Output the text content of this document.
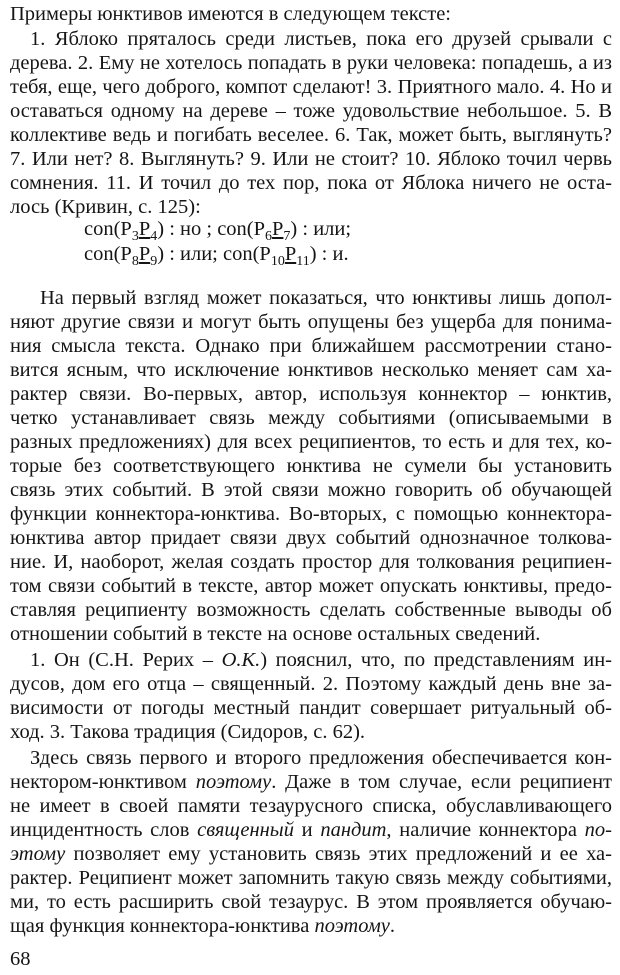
Примеры юнктивов имеются в следующем тексте:
1. Яблоко пряталось среди листьев, пока его друзей срывали с
дерева. 2. Ему не хотелось попадать в руки человека: попадешь, а из
тебя, еще, чего доброго, компот сделают! 3. Приятного мало. 4. Но и
оставаться одному на дереве – тоже удовольствие небольшое. 5. В
коллективе ведь и погибать веселее. 6. Так, может быть, выглянуть?
7. Или нет? 8. Выглянуть? 9. Или не стоит? 10. Яблоко точил червь
сомнения. 11. И точил до тех пор, пока от Яблока ничего не оста-
лось (Кривин, с. 125):
$con(P_3P_4)$ : но ; $con(P_6P_7)$ : или;
$con(P_8P_9)$ : или; $con(P_{10}P_{11})$ : и.
На первый взгляд может показаться, что юнктивы лишь допол-
няют другие связи и могут быть опущены без ущерба для понима-
ния смысла текста. Однако при ближайшем рассмотрении стано-
вится ясным, что исключение юнктивов несколько меняет сам ха-
рактер связи. Во-первых, автор, используя коннектор – юнктив,
четко устанавливает связь между событиями (описываемыми в
разных предложениях) для всех реципиентов, то есть и для тех, ко-
торые без соответствующего юнктива не сумели бы установить
связь этих событий. В этой связи можно говорить об обучающей
функции коннектора-юнктива. Во-вторых, с помощью коннектора-
юнктива автор придает связи двух событий однозначное толкова-
ние. И, наоборот, желая создать простор для толкования реципиен-
том связи событий в тексте, автор может опускать юнктивы, предо-
ставляя реципиенту возможность сделать собственные выводы об
отношении событий в тексте на основе остальных сведений.
1. Он (С.Н. Рерих – О.К.) пояснил, что, по представлениям ин-
дусов, дом его отца – священный. 2. Поэтому каждый день вне за-
висимости от погоды местный пандит совершает ритуальный об-
ход. 3. Такова традиция (Сидоров, с. 62).
Здесь связь первого и второго предложения обеспечивается кон-
нектором-юнктивом поэтому. Даже в том случае, если реципиент
не имеет в своей памяти тезаурусного списка, обуславливающего
инцидентность слов священный и пандит, наличие коннектора по-
этому позволяет ему установить связь этих предложений и ее ха-
рактер. Реципиент может запомнить такую связь между событиями,
ми, то есть расширить свой тезаурус. В этом проявляется обучаю-
щая функция коннектора-юнктива поэтому.
68
